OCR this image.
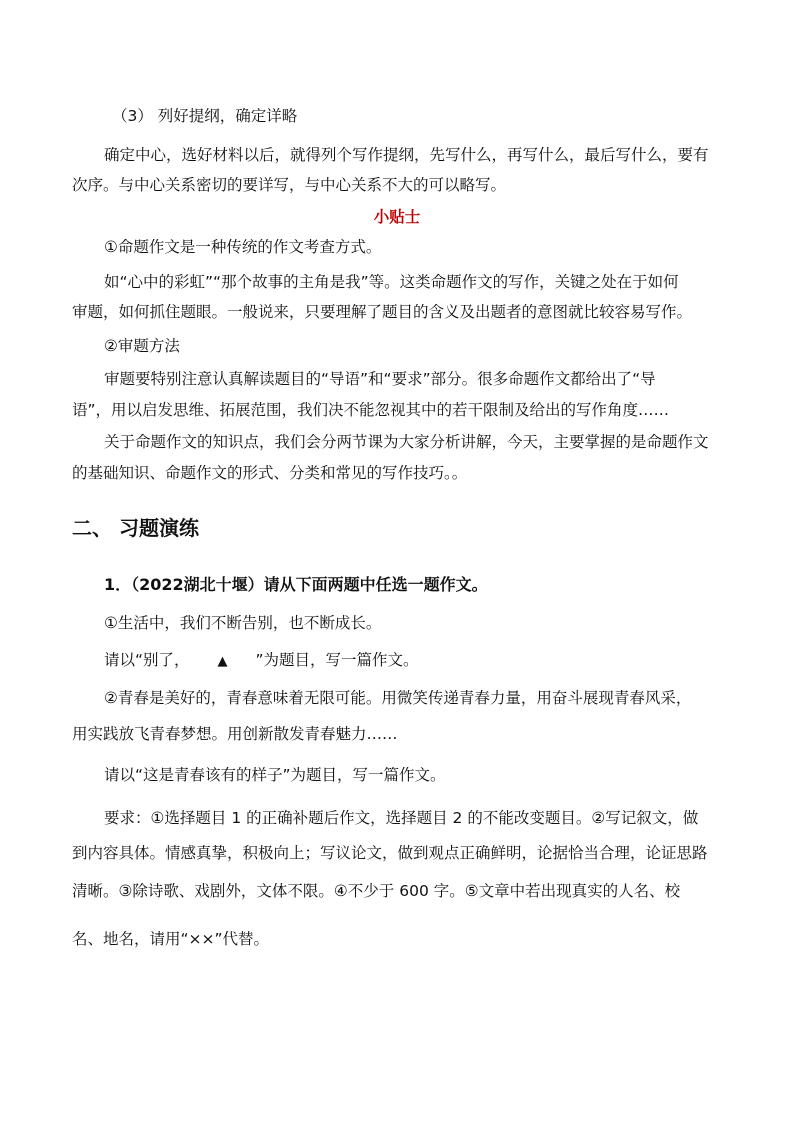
（3） 列好提纲，确定详略
确定中心，选好材料以后，就得列个写作提纲，先写什么，再写什么，最后写什么，要有
次序。与中心关系密切的要详写，与中心关系不大的可以略写。
小贴士
①命题作文是一种传统的作文考查方式。
如“心中的彩虹”“那个故事的主角是我”等。这类命题作文的写作，关键之处在于如何
审题，如何抓住题眼。一般说来，只要理解了题目的含义及出题者的意图就比较容易写作。
②审题方法
审题要特别注意认真解读题目的“导语”和“要求”部分。很多命题作文都给出了“导
语”，用以启发思维、拓展范围，我们决不能忽视其中的若干限制及给出的写作角度……
关于命题作文的知识点，我们会分两节课为大家分析讲解，今天，主要掌握的是命题作文
的基础知识、命题作文的形式、分类和常见的写作技巧。。
二、 习题演练
1．（2022湖北十堰）请从下面两题中任选一题作文。
①生活中，我们不断告别，也不断成长。
请以“别了， ▲ ”为题目，写一篇作文。
②青春是美好的，青春意味着无限可能。用微笑传递青春力量，用奋斗展现青春风采，
用实践放飞青春梦想。用创新散发青春魅力……
请以“这是青春该有的样子”为题目，写一篇作文。
要求：①选择题目 1 的正确补题后作文，选择题目 2 的不能改变题目。②写记叙文，做
到内容具体。情感真挚，积极向上；写议论文，做到观点正确鲜明，论据恰当合理，论证思路
清晰。③除诗歌、戏剧外，文体不限。④不少于 600 字。⑤文章中若出现真实的人名、校
名、地名，请用“××”代替。
